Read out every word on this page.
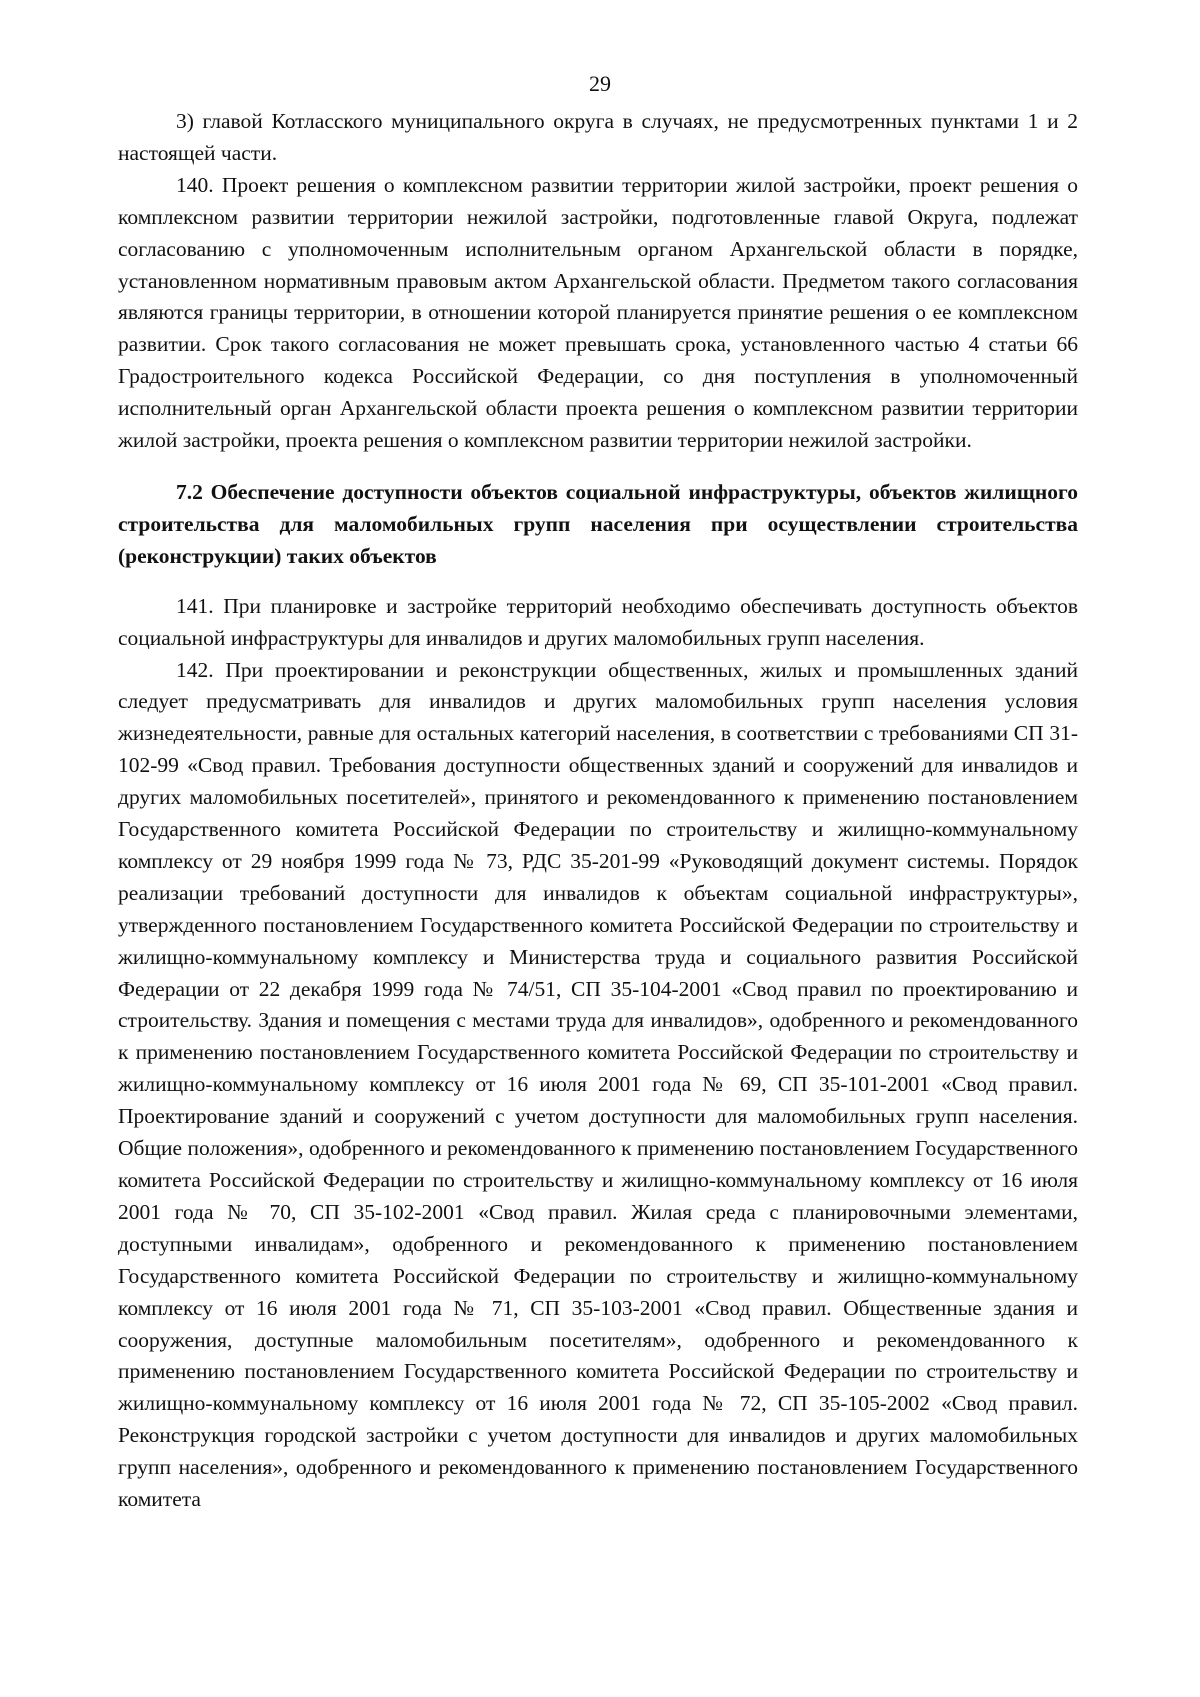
29

3) главой Котласского муниципального округа в случаях, не предусмотренных пунктами 1 и 2 настоящей части.

140. Проект решения о комплексном развитии территории жилой застройки, проект решения о комплексном развитии территории нежилой застройки, подготовленные главой Округа, подлежат согласованию с уполномоченным исполнительным органом Архангельской области в порядке, установленном нормативным правовым актом Архангельской области. Предметом такого согласования являются границы территории, в отношении которой планируется принятие решения о ее комплексном развитии. Срок такого согласования не может превышать срока, установленного частью 4 статьи 66 Градостроительного кодекса Российской Федерации, со дня поступления в уполномоченный исполнительный орган Архангельской области проекта решения о комплексном развитии территории жилой застройки, проекта решения о комплексном развитии территории нежилой застройки.

7.2 Обеспечение доступности объектов социальной инфраструктуры, объектов жилищного строительства для маломобильных групп населения при осуществлении строительства (реконструкции) таких объектов

141. При планировке и застройке территорий необходимо обеспечивать доступность объектов социальной инфраструктуры для инвалидов и других маломобильных групп населения.

142. При проектировании и реконструкции общественных, жилых и промышленных зданий следует предусматривать для инвалидов и других маломобильных групп населения условия жизнедеятельности, равные для остальных категорий населения, в соответствии с требованиями СП 31-102-99 «Свод правил. Требования доступности общественных зданий и сооружений для инвалидов и других маломобильных посетителей», принятого и рекомендованного к применению постановлением Государственного комитета Российской Федерации по строительству и жилищно-коммунальному комплексу от 29 ноября 1999 года № 73, РДС 35-201-99 «Руководящий документ системы. Порядок реализации требований доступности для инвалидов к объектам социальной инфраструктуры», утвержденного постановлением Государственного комитета Российской Федерации по строительству и жилищно-коммунальному комплексу и Министерства труда и социального развития Российской Федерации от 22 декабря 1999 года № 74/51, СП 35-104-2001 «Свод правил по проектированию и строительству. Здания и помещения с местами труда для инвалидов», одобренного и рекомендованного к применению постановлением Государственного комитета Российской Федерации по строительству и жилищно-коммунальному комплексу от 16 июля 2001 года № 69, СП 35-101-2001 «Свод правил. Проектирование зданий и сооружений с учетом доступности для маломобильных групп населения. Общие положения», одобренного и рекомендованного к применению постановлением Государственного комитета Российской Федерации по строительству и жилищно-коммунальному комплексу от 16 июля 2001 года № 70, СП 35-102-2001 «Свод правил. Жилая среда с планировочными элементами, доступными инвалидам», одобренного и рекомендованного к применению постановлением Государственного комитета Российской Федерации по строительству и жилищно-коммунальному комплексу от 16 июля 2001 года № 71, СП 35-103-2001 «Свод правил. Общественные здания и сооружения, доступные маломобильным посетителям», одобренного и рекомендованного к применению постановлением Государственного комитета Российской Федерации по строительству и жилищно-коммунальному комплексу от 16 июля 2001 года № 72, СП 35-105-2002 «Свод правил. Реконструкция городской застройки с учетом доступности для инвалидов и других маломобильных групп населения», одобренного и рекомендованного к применению постановлением Государственного комитета
